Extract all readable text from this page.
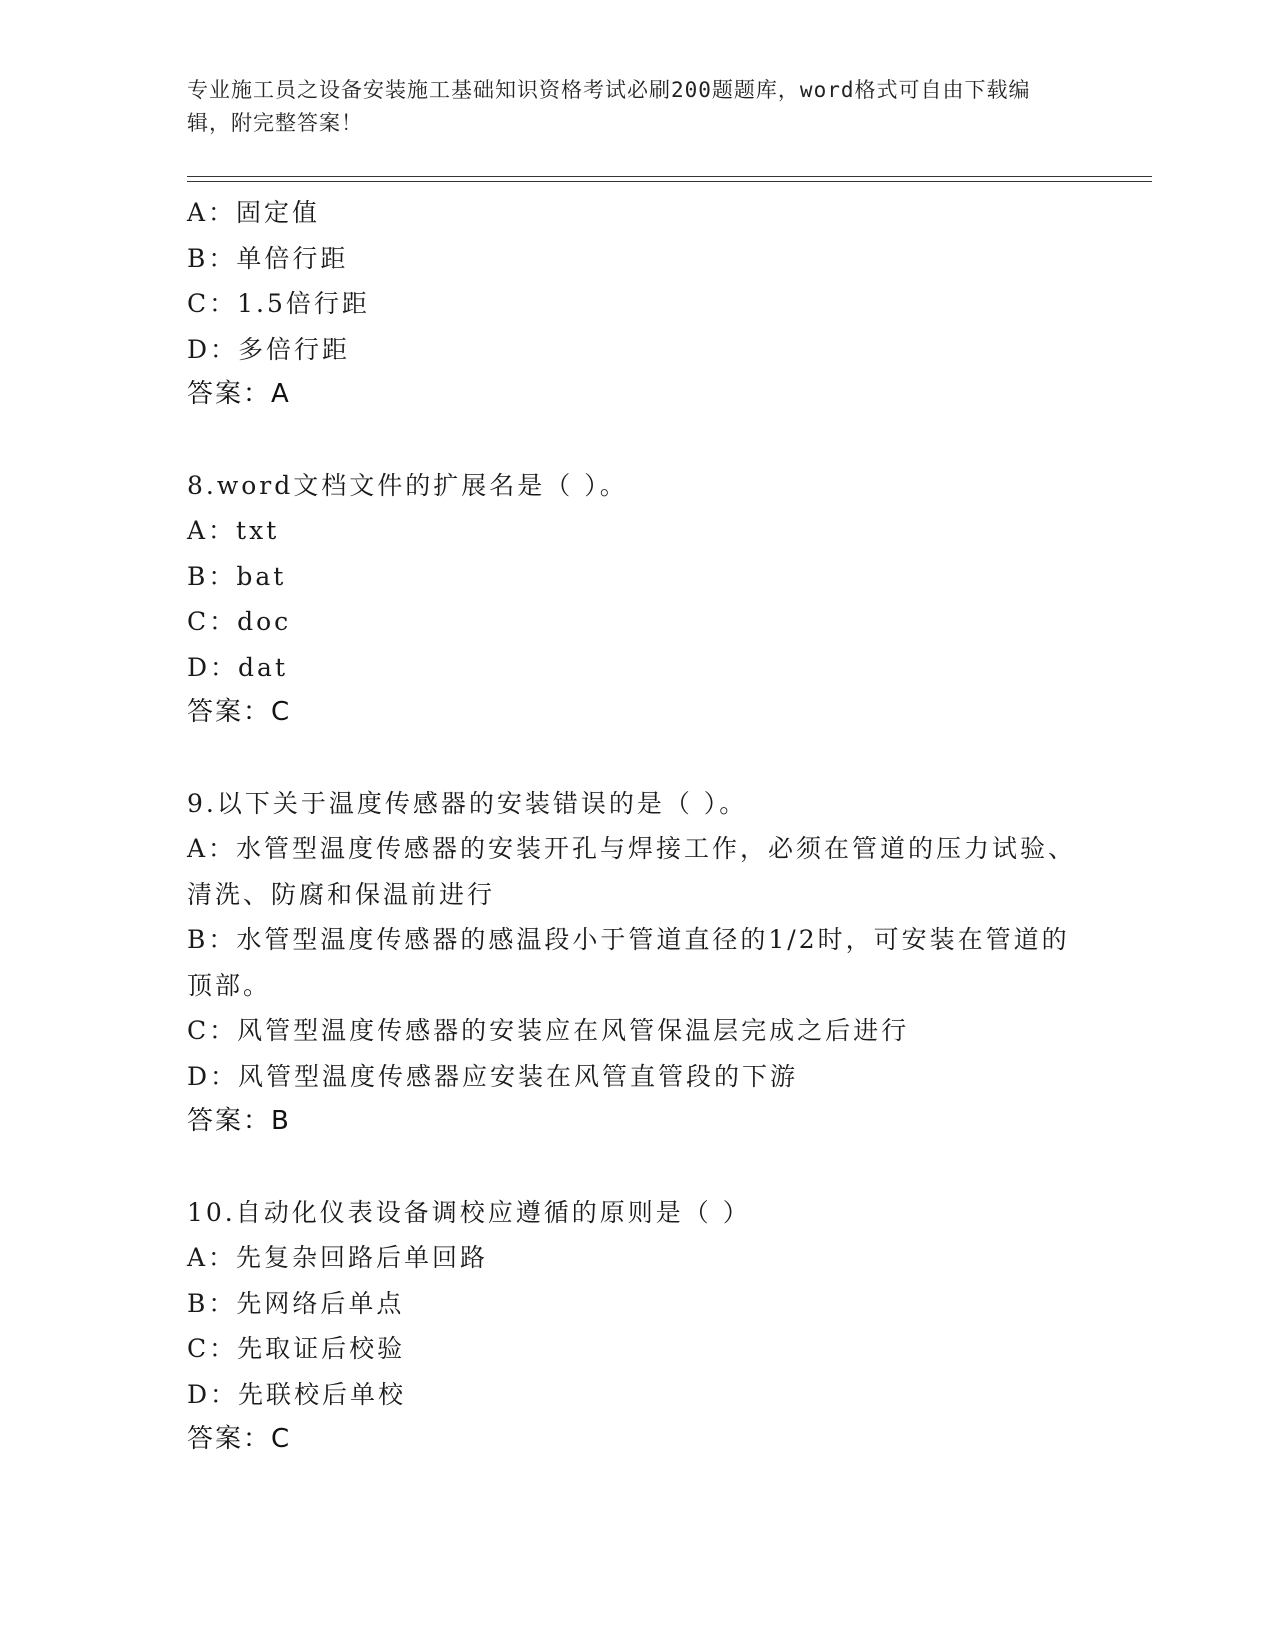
专业施工员之设备安装施工基础知识资格考试必刷200题题库，word格式可自由下载编辑，附完整答案！
A：固定值
B：单倍行距
C：1.5倍行距
D：多倍行距
答案：A
8.word文档文件的扩展名是（ ）。
A：txt
B：bat
C：doc
D：dat
答案：C
9.以下关于温度传感器的安装错误的是（ ）。
A：水管型温度传感器的安装开孔与焊接工作，必须在管道的压力试验、清洗、防腐和保温前进行
B：水管型温度传感器的感温段小于管道直径的1/2时，可安装在管道的顶部。
C：风管型温度传感器的安装应在风管保温层完成之后进行
D：风管型温度传感器应安装在风管直管段的下游
答案：B
10.自动化仪表设备调校应遵循的原则是（ ）
A：先复杂回路后单回路
B：先网络后单点
C：先取证后校验
D：先联校后单校
答案：C
